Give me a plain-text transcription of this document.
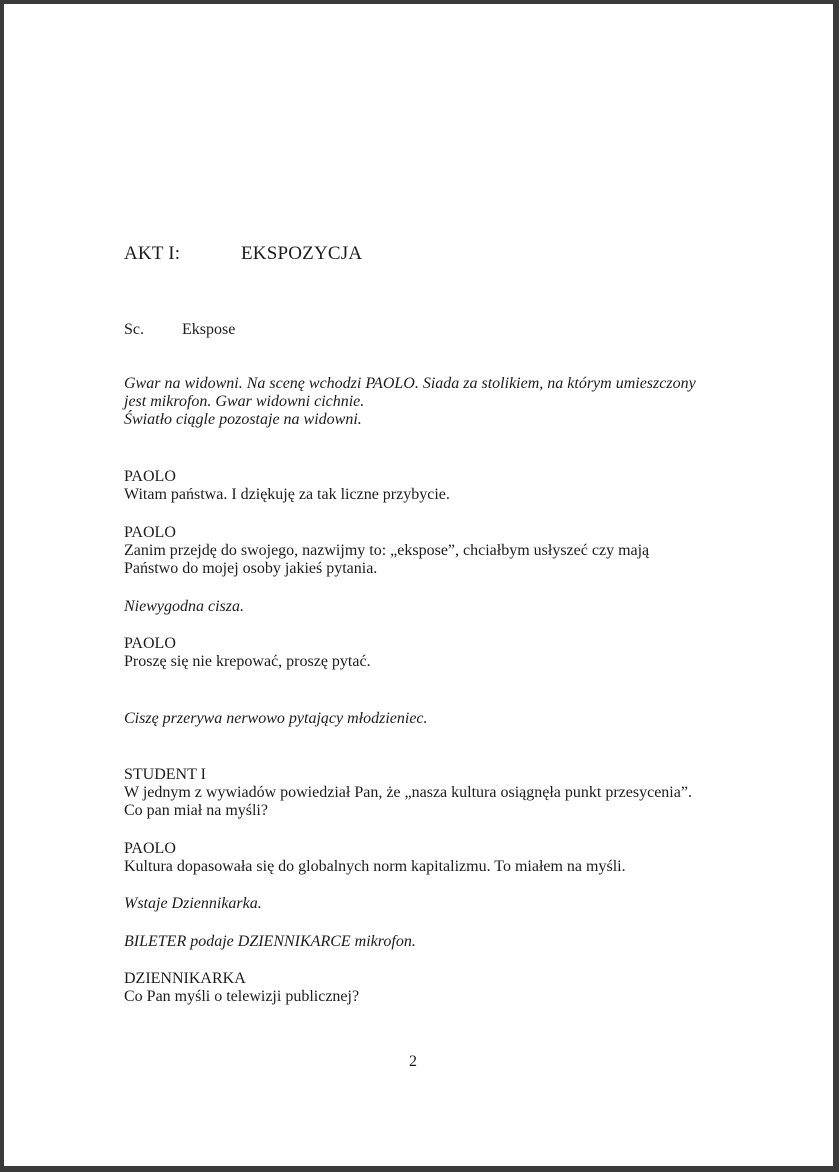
AKT I:	EKSPOZYCJA
Sc. Ekspose
Gwar na widowni. Na scenę wchodzi PAOLO. Siada za stolikiem, na którym umieszczony
jest mikrofon. Gwar widowni cichnie.
Światło ciągle pozostaje na widowni.
PAOLO
Witam państwa. I dziękuję za tak liczne przybycie.
PAOLO
Zanim przejdę do swojego, nazwijmy to: „ekspose”, chciałbym usłyszeć czy mają
Państwo do mojej osoby jakieś pytania.
Niewygodna cisza.
PAOLO
Proszę się nie krepować, proszę pytać.
Ciszę przerywa nerwowo pytający młodzieniec.
STUDENT I
W jednym z wywiadów powiedział Pan, że „nasza kultura osiągnęła punkt przesycenia”.
Co pan miał na myśli?
PAOLO
Kultura dopasowała się do globalnych norm kapitalizmu. To miałem na myśli.
Wstaje Dziennikarka.
BILETER podaje DZIENNIKARCE mikrofon.
DZIENNIKARKA
Co Pan myśli o telewizji publicznej?
2
